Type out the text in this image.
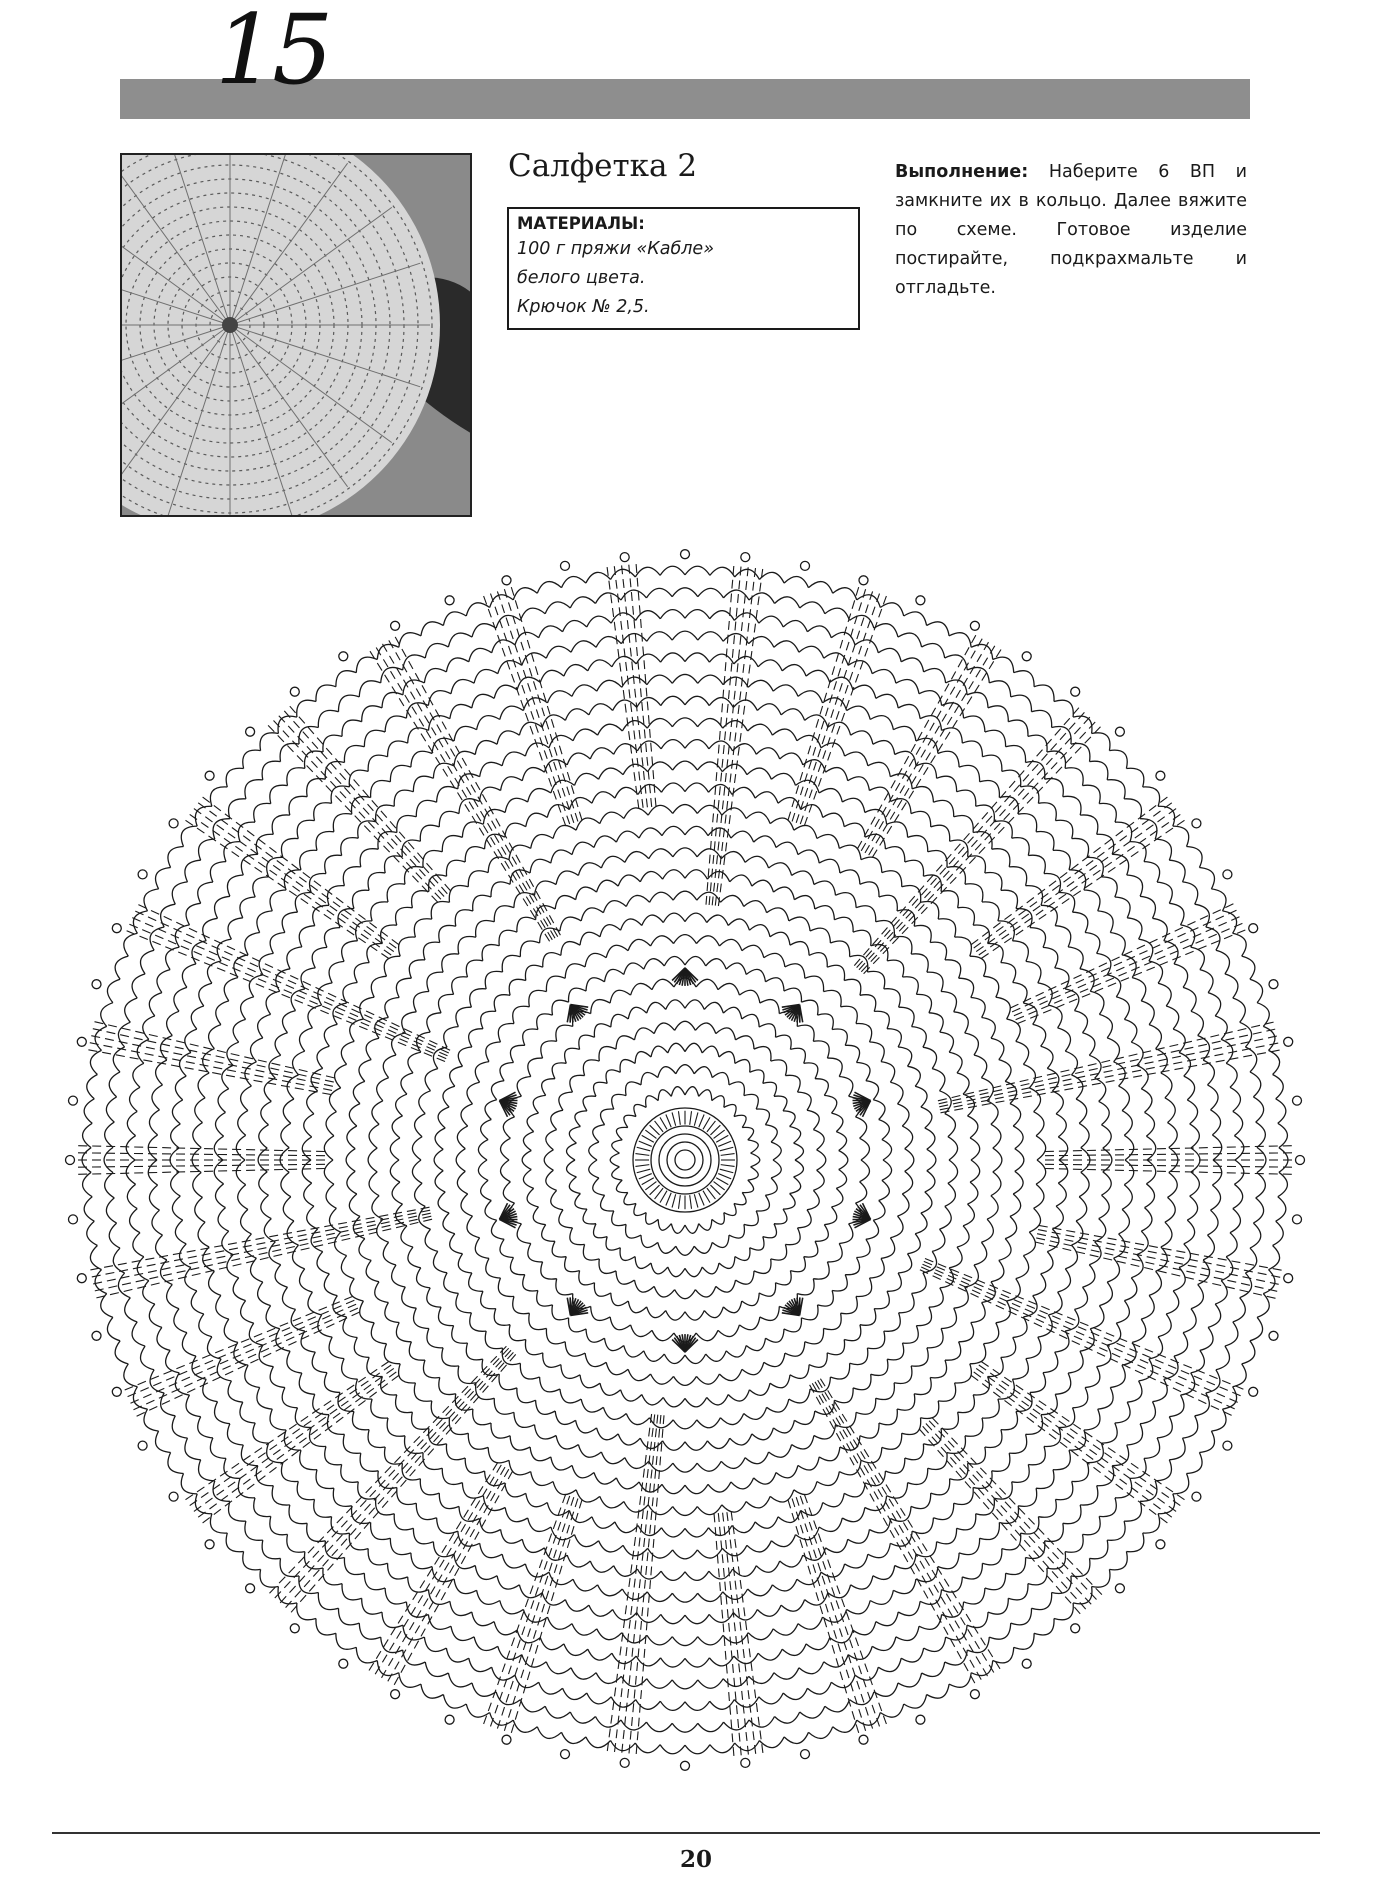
15
Салфетка 2
МАТЕРИАЛЫ:
100 г пряжи «Кабле»
белого цвета.
Крючок № 2,5.
Выполнение: Наберите 6 ВП и замкните их в кольцо. Далее вяжите по схеме. Готовое изделие постирайте, подкрахмальте и отгладьте.
20
